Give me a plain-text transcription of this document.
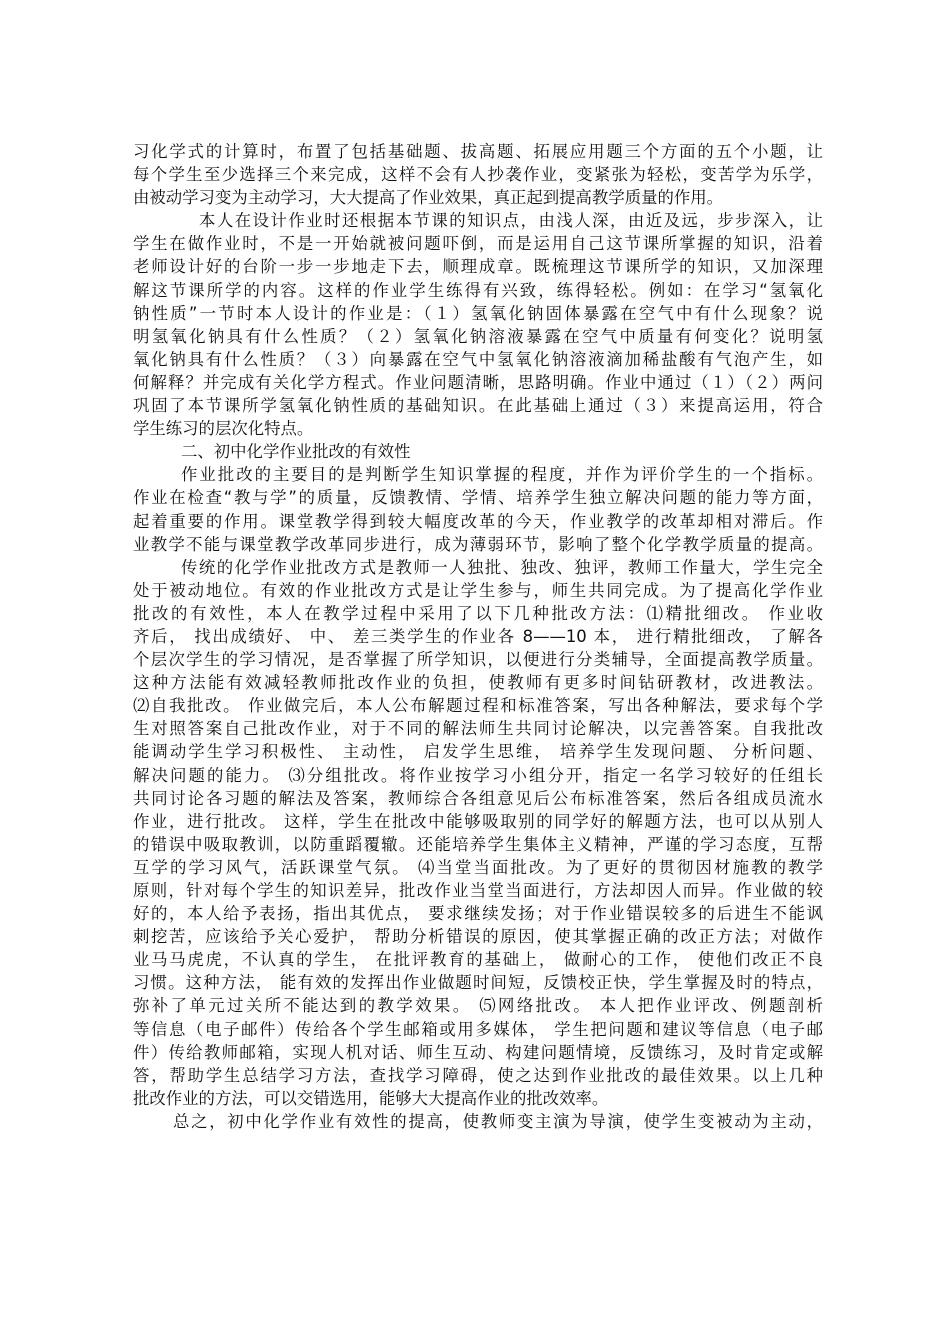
习化学式的计算时，布置了包括基础题、拔高题、拓展应用题三个方面的五个小题，让
每个学生至少选择三个来完成，这样不会有人抄袭作业，变紧张为轻松，变苦学为乐学，
由被动学习变为主动学习，大大提高了作业效果，真正起到提高教学质量的作用。
本人在设计作业时还根据本节课的知识点，由浅人深，由近及远，步步深入，让
学生在做作业时，不是一开始就被问题吓倒，而是运用自己这节课所掌握的知识，沿着
老师设计好的台阶一步一步地走下去，顺理成章。既梳理这节课所学的知识，又加深理
解这节课所学的内容。这样的作业学生练得有兴致，练得轻松。例如：在学习“氢氧化
钠性质”一节时本人设计的作业是：（１）氢氧化钠固体暴露在空气中有什么现象？说
明氢氧化钠具有什么性质？（２）氢氧化钠溶液暴露在空气中质量有何变化？说明氢
氧化钠具有什么性质？（３）向暴露在空气中氢氧化钠溶液滴加稀盐酸有气泡产生，如
何解释？并完成有关化学方程式。作业问题清晰，思路明确。作业中通过（１）（２）两问
巩固了本节课所学氢氧化钠性质的基础知识。在此基础上通过（３）来提高运用，符合
学生练习的层次化特点。
二、初中化学作业批改的有效性
作业批改的主要目的是判断学生知识掌握的程度，并作为评价学生的一个指标。
作业在检查“教与学”的质量，反馈教情、学情、培养学生独立解决问题的能力等方面，
起着重要的作用。课堂教学得到较大幅度改革的今天，作业教学的改革却相对滞后。作
业教学不能与课堂教学改革同步进行，成为薄弱环节，影响了整个化学教学质量的提高。
传统的化学作业批改方式是教师一人独批、独改、独评，教师工作量大，学生完全
处于被动地位。有效的作业批改方式是让学生参与，师生共同完成。为了提高化学作业
批改的有效性，本人在教学过程中采用了以下几种批改方法：⑴精批细改。 作业收
齐后， 找出成绩好、 中、 差三类学生的作业各 8——10 本， 进行精批细改， 了解各
个层次学生的学习情况，是否掌握了所学知识，以便进行分类辅导，全面提高教学质量。
这种方法能有效减轻教师批改作业的负担，使教师有更多时间钻研教材，改进教法。
⑵自我批改。 作业做完后，本人公布解题过程和标准答案，写出各种解法，要求每个学
生对照答案自己批改作业，对于不同的解法师生共同讨论解决，以完善答案。自我批改
能调动学生学习积极性、 主动性， 启发学生思维， 培养学生发现问题、 分析问题、
解决问题的能力。 ⑶分组批改。将作业按学习小组分开，指定一名学习较好的任组长
共同讨论各习题的解法及答案，教师综合各组意见后公布标准答案，然后各组成员流水
作业，进行批改。 这样，学生在批改中能够吸取别的同学好的解题方法，也可以从别人
的错误中吸取教训，以防重蹈覆辙。还能培养学生集体主义精神，严谨的学习态度，互帮
互学的学习风气，活跃课堂气氛。 ⑷当堂当面批改。为了更好的贯彻因材施教的教学
原则，针对每个学生的知识差异，批改作业当堂当面进行，方法却因人而异。作业做的较
好的，本人给予表扬，指出其优点， 要求继续发扬；对于作业错误较多的后进生不能讽
刺挖苦，应该给予关心爱护， 帮助分析错误的原因，使其掌握正确的改正方法；对做作
业马马虎虎，不认真的学生， 在批评教育的基础上， 做耐心的工作， 使他们改正不良
习惯。这种方法， 能有效的发挥出作业做题时间短，反馈校正快，学生掌握及时的特点，
弥补了单元过关所不能达到的教学效果。 ⑸网络批改。 本人把作业评改、例题剖析
等信息（电子邮件）传给各个学生邮箱或用多媒体， 学生把问题和建议等信息（电子邮
件）传给教师邮箱，实现人机对话、师生互动、构建问题情境，反馈练习，及时肯定或解
答，帮助学生总结学习方法，查找学习障碍，使之达到作业批改的最佳效果。以上几种
批改作业的方法，可以交错选用，能够大大提高作业的批改效率。
总之，初中化学作业有效性的提高，使教师变主演为导演，使学生变被动为主动，
